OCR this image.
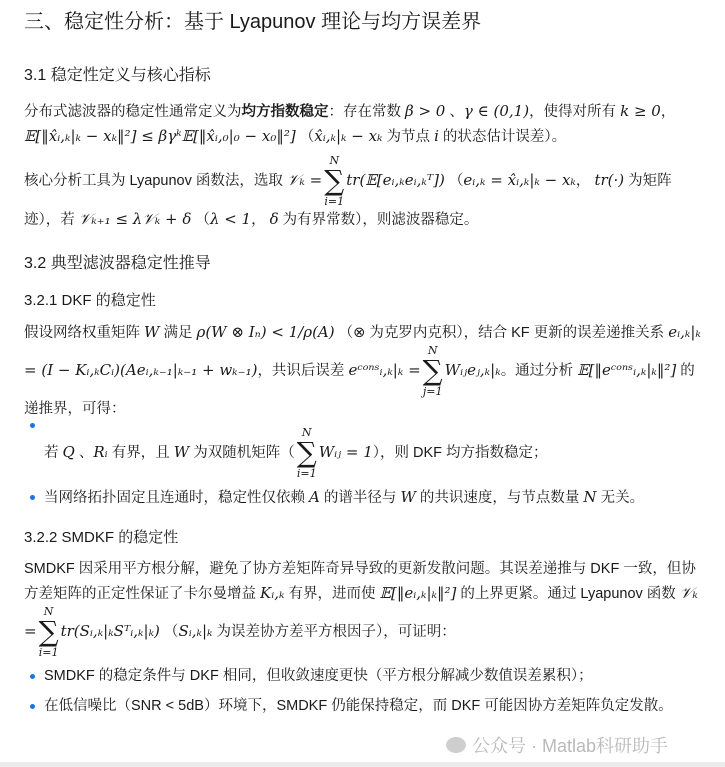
三、稳定性分析：基于 Lyapunov 理论与均方误差界
3.1 稳定性定义与核心指标

分布式滤波器的稳定性通常定义为均方指数稳定：存在常数 β > 0 、γ ∈ (0,1)，使得对所有 k ≥ 0， 𝔼[‖x̂ᵢ,ₖ|ₖ − xₖ‖²] ≤ βγᵏ𝔼[‖x̂ᵢ,₀|₀ − x₀‖²] （x̂ᵢ,ₖ|ₖ − xₖ 为节点 i 的状态估计误差）。

核心分析工具为 Lyapunov 函数法，选取 𝒱ₖ =
N
∑
i=1
tr(𝔼[eᵢ,ₖeᵢ,ₖᵀ]) （eᵢ,ₖ = x̂ᵢ,ₖ|ₖ − xₖ， tr(·) 为矩阵迹），若 𝒱ₖ₊₁ ≤ λ𝒱ₖ + δ （λ < 1， δ 为有界常数），则滤波器稳定。

3.2 典型滤波器稳定性推导
3.2.1 DKF 的稳定性

假设网络权重矩阵 W 满足 ρ(W ⊗ Iₙ) < 1/ρ(A) （⊗ 为克罗内克积），结合 KF 更新的误差递推关系 eᵢ,ₖ|ₖ = (I − Kᵢ,ₖCᵢ)(Aeᵢ,ₖ₋₁|ₖ₋₁ + wₖ₋₁)，共识后误差 eᶜᵒⁿˢᵢ,ₖ|ₖ =
N
∑
j=1
Wᵢⱼeⱼ,ₖ|ₖ。通过分析 𝔼[‖eᶜᵒⁿˢᵢ,ₖ|ₖ‖²] 的递推界，可得：

若 Q 、Rᵢ 有界，且 W 为双随机矩阵（
N
∑
i=1
Wᵢⱼ = 1），则 DKF 均方指数稳定；
当网络拓扑固定且连通时，稳定性仅依赖 A 的谱半径与 W 的共识速度，与节点数量 N 无关。
3.2.2 SMDKF 的稳定性

SMDKF 因采用平方根分解，避免了协方差矩阵奇异导致的更新发散问题。其误差递推与 DKF 一致，但协方差矩阵的正定性保证了卡尔曼增益 Kᵢ,ₖ 有界，进而使 𝔼[‖eᵢ,ₖ|ₖ‖²] 的上界更紧。通过 Lyapunov 函数 𝒱ₖ =
N
∑
i=1
tr(Sᵢ,ₖ|ₖSᵀᵢ,ₖ|ₖ) （Sᵢ,ₖ|ₖ 为误差协方差平方根因子），可证明：

SMDKF 的稳定条件与 DKF 相同，但收敛速度更快（平方根分解减少数值误差累积）；
在低信噪比（SNR < 5dB）环境下，SMDKF 仍能保持稳定，而 DKF 可能因协方差矩阵负定发散。
公众号 · Matlab科研助手
